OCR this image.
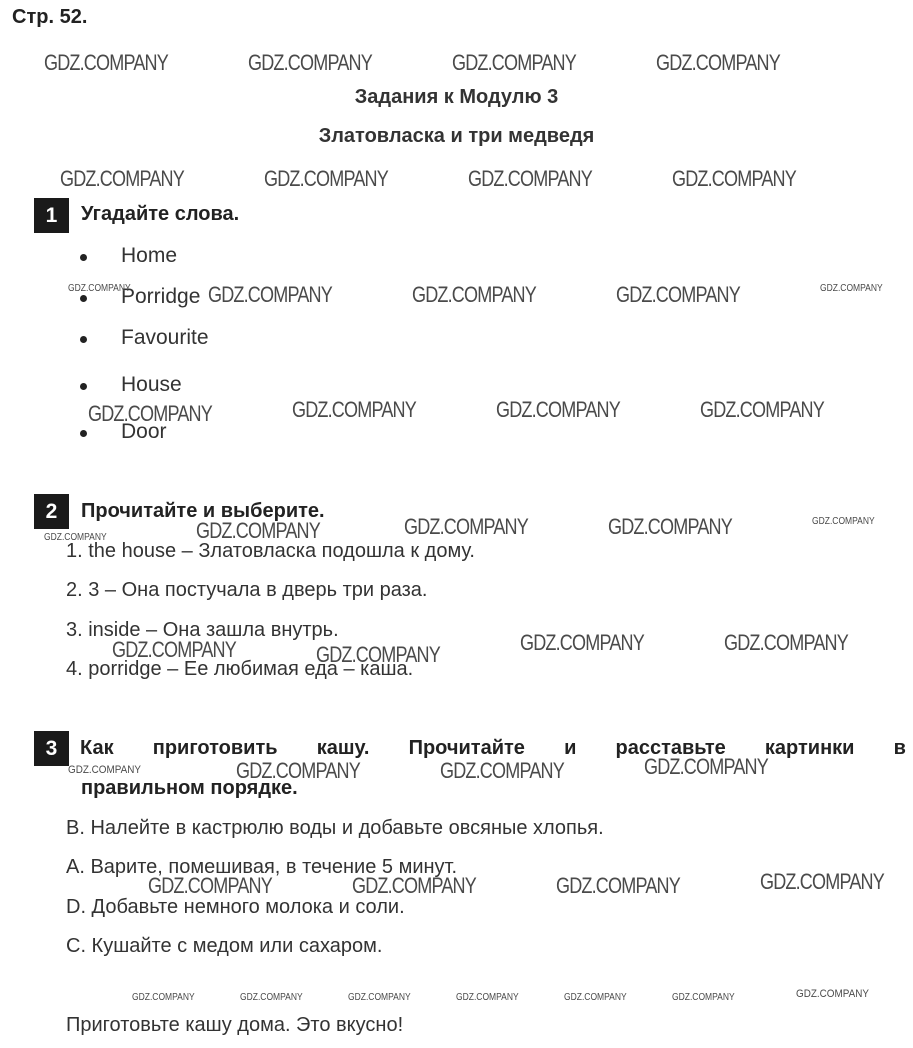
Стр. 52.
Задания к Модулю 3
Златовласка и три медведя
1	Угадайте слова.
Home
Porridge
Favourite
House
Door
2	Прочитайте и выберите.
1. the house – Златовласка подошла к дому.
2. 3 – Она постучала в дверь три раза.
3. inside – Она зашла внутрь.
4. porridge – Ее любимая еда – каша.
3	Как приготовить кашу. Прочитайте и расставьте картинки в
правильном порядке.
B. Налейте в кастрюлю воды и добавьте овсяные хлопья.
A. Варите, помешивая, в течение 5 минут.
D. Добавьте немного молока и соли.
C. Кушайте с медом или сахаром.
Приготовьте кашу дома. Это вкусно!
GDZ.COMPANY	GDZ.COMPANY	GDZ.COMPANY	GDZ.COMPANY
GDZ.COMPANY	GDZ.COMPANY	GDZ.COMPANY	GDZ.COMPANY
GDZ.COMPANY	GDZ.COMPANY	GDZ.COMPANY	GDZ.COMPANY	GDZ.COMPANY
GDZ.COMPANY	GDZ.COMPANY	GDZ.COMPANY	GDZ.COMPANY
GDZ.COMPANY	GDZ.COMPANY	GDZ.COMPANY	GDZ.COMPANY	GDZ.COMPANY
GDZ.COMPANY	GDZ.COMPANY	GDZ.COMPANY	GDZ.COMPANY
GDZ.COMPANY	GDZ.COMPANY	GDZ.COMPANY	GDZ.COMPANY
GDZ.COMPANY	GDZ.COMPANY	GDZ.COMPANY	GDZ.COMPANY
GDZ.COMPANY	GDZ.COMPANY	GDZ.COMPANY	GDZ.COMPANY	GDZ.COMPANY	GDZ.COMPANY	GDZ.COMPANY
